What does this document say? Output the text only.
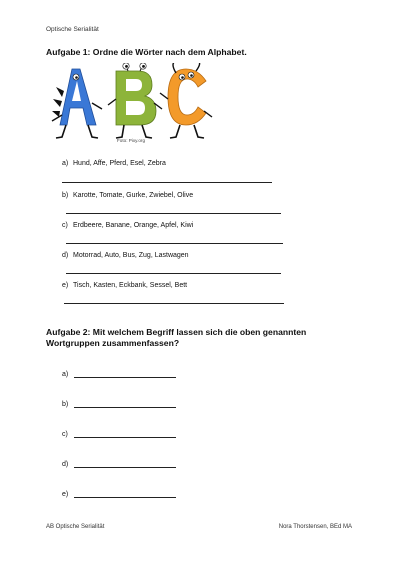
Optische Serialität
Aufgabe 1: Ordne die Wörter nach dem Alphabet.
Foto: Pixy.org
a) Hund, Affe, Pferd, Esel, Zebra
b) Karotte, Tomate, Gurke, Zwiebel, Olive
c) Erdbeere, Banane, Orange, Apfel, Kiwi
d) Motorrad, Auto, Bus, Zug, Lastwagen
e) Tisch, Kasten, Eckbank, Sessel, Bett
Aufgabe 2: Mit welchem Begriff lassen sich die oben genannten Wortgruppen zusammenfassen?
a)
b)
c)
d)
e)
AB Optische Serialität	Nora Thorstensen, BEd MA
